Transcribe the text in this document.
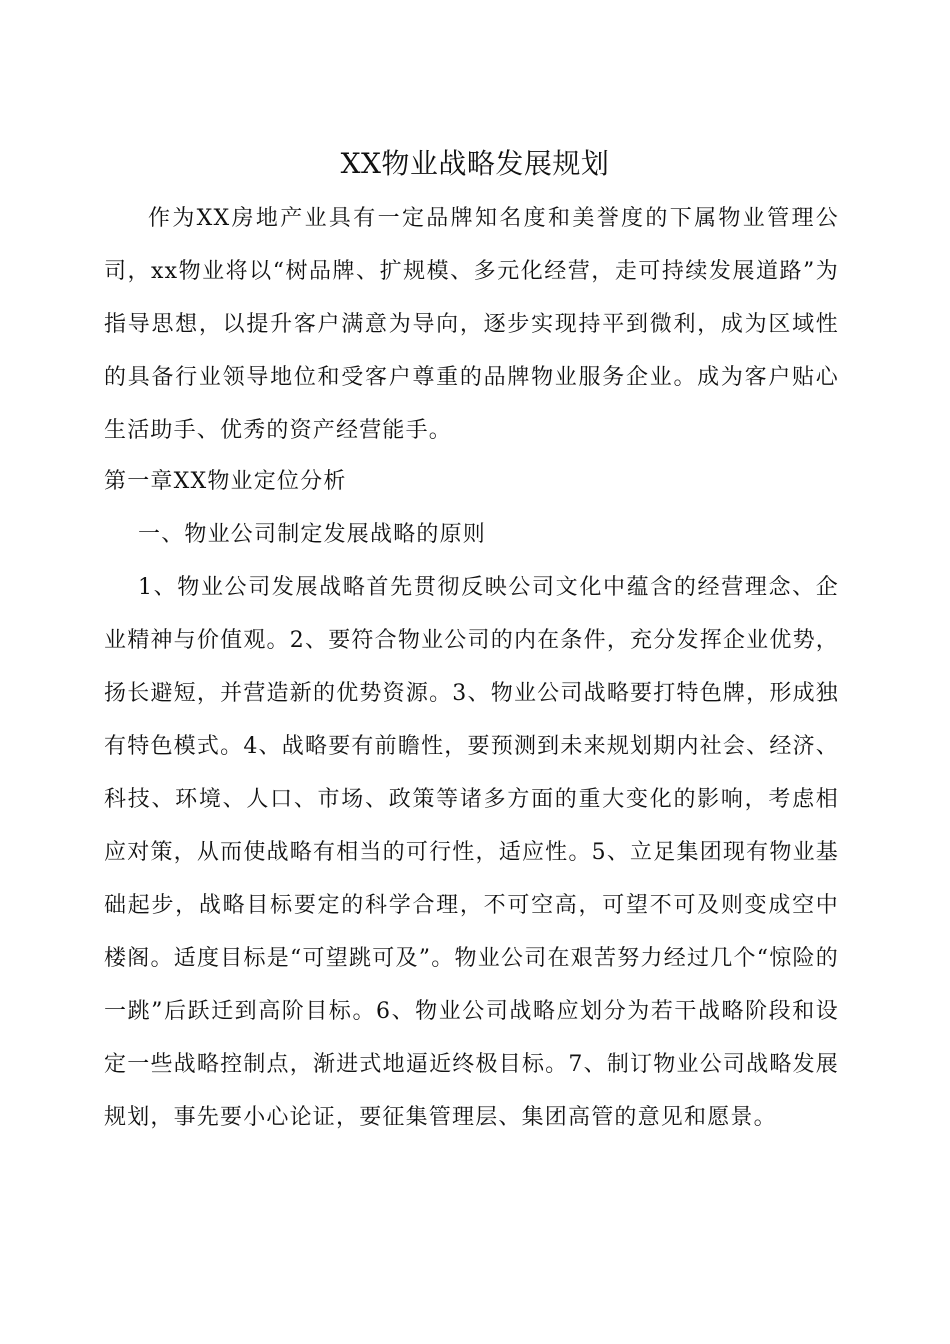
XX物业战略发展规划

作为XX房地产业具有一定品牌知名度和美誉度的下属物业管理公司，xx物业将以“树品牌、扩规模、多元化经营，走可持续发展道路”为指导思想，以提升客户满意为导向，逐步实现持平到微利，成为区域性的具备行业领导地位和受客户尊重的品牌物业服务企业。成为客户贴心生活助手、优秀的资产经营能手。

第一章XX物业定位分析

一、物业公司制定发展战略的原则

1、物业公司发展战略首先贯彻反映公司文化中蕴含的经营理念、企业精神与价值观。2、要符合物业公司的内在条件，充分发挥企业优势，扬长避短，并营造新的优势资源。3、物业公司战略要打特色牌，形成独有特色模式。4、战略要有前瞻性，要预测到未来规划期内社会、经济、科技、环境、人口、市场、政策等诸多方面的重大变化的影响，考虑相应对策，从而使战略有相当的可行性，适应性。5、立足集团现有物业基础起步，战略目标要定的科学合理，不可空高，可望不可及则变成空中楼阁。适度目标是“可望跳可及”。物业公司在艰苦努力经过几个“惊险的一跳”后跃迁到高阶目标。6、物业公司战略应划分为若干战略阶段和设定一些战略控制点，渐进式地逼近终极目标。7、制订物业公司战略发展规划，事先要小心论证，要征集管理层、集团高管的意见和愿景。
